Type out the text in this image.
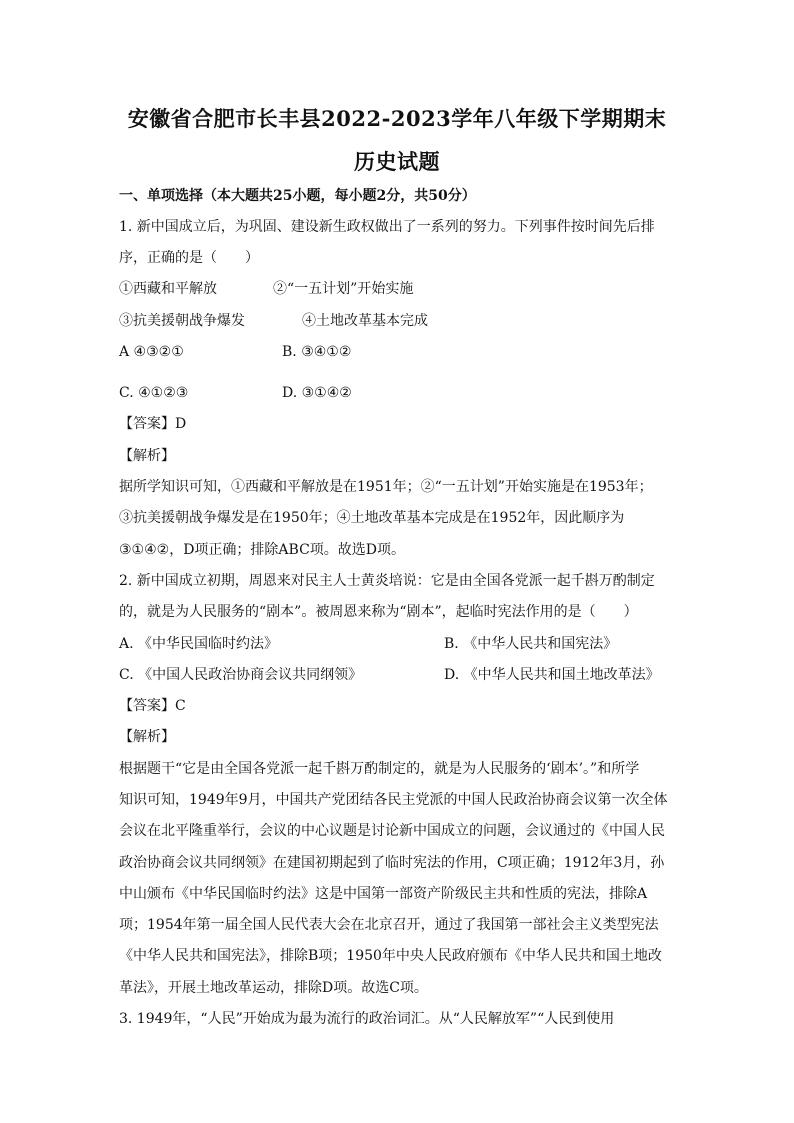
安徽省合肥市长丰县2022-2023学年八年级下学期期末
历史试题
一、单项选择（本大题共25小题，每小题2分，共50分）
1. 新中国成立后，为巩固、建设新生政权做出了一系列的努力。下列事件按时间先后排
序，正确的是（　　）
①西藏和平解放	②“一五计划”开始实施
③抗美援朝战争爆发	④土地改革基本完成
A ④③②①	B. ③④①②
C. ④①②③	D. ③①④②
【答案】D
【解析】
据所学知识可知，①西藏和平解放是在1951年；②“一五计划”开始实施是在1953年；
③抗美援朝战争爆发是在1950年；④土地改革基本完成是在1952年，因此顺序为
③①④②，D项正确；排除ABC项。故选D项。
2. 新中国成立初期，周恩来对民主人士黄炎培说：它是由全国各党派一起千斟万酌制定
的，就是为人民服务的“剧本”。被周恩来称为“剧本”，起临时宪法作用的是（　　）
A. 《中华民国临时约法》	B. 《中华人民共和国宪法》
C. 《中国人民政治协商会议共同纲领》	D. 《中华人民共和国土地改革法》
【答案】C
【解析】
根据题干“它是由全国各党派一起千斟万酌制定的，就是为人民服务的‘剧本’。”和所学
知识可知，1949年9月，中国共产党团结各民主党派的中国人民政治协商会议第一次全体
会议在北平隆重举行，会议的中心议题是讨论新中国成立的问题，会议通过的《中国人民
政治协商会议共同纲领》在建国初期起到了临时宪法的作用，C项正确；1912年3月，孙
中山颁布《中华民国临时约法》这是中国第一部资产阶级民主共和性质的宪法，排除A
项；1954年第一届全国人民代表大会在北京召开，通过了我国第一部社会主义类型宪法
《中华人民共和国宪法》，排除B项；1950年中央人民政府颁布《中华人民共和国土地改
革法》，开展土地改革运动，排除D项。故选C项。
3. 1949年，“人民”开始成为最为流行的政治词汇。从“人民解放军”“人民到使用
